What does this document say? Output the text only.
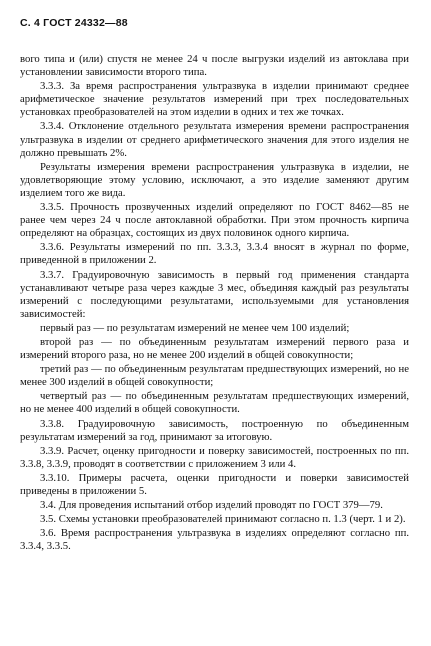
С. 4 ГОСТ 24332—88

вого типа и (или) спустя не менее 24 ч после выгрузки изделий из автоклава при установлении зависимости второго типа.

3.3.3. За время распространения ультразвука в изделии принимают среднее арифметическое значение результатов измерений при трех последовательных установках преобразователей на этом изделии в одних и тех же точках.

3.3.4. Отклонение отдельного результата измерения времени распространения ультразвука в изделии от среднего арифметического значения для этого изделия не должно превышать 2%.

Результаты измерения времени распространения ультразвука в изделии, не удовлетворяющие этому условию, исключают, а это изделие заменяют другим изделием того же вида.

3.3.5. Прочность прозвученных изделий определяют по ГОСТ 8462—85 не ранее чем через 24 ч после автоклавной обработки. При этом прочность кирпича определяют на образцах, состоящих из двух половинок одного кирпича.

3.3.6. Результаты измерений по пп. 3.3.3, 3.3.4 вносят в журнал по форме, приведенной в приложении 2.

3.3.7. Градуировочную зависимость в первый год применения стандарта устанавливают четыре раза через каждые 3 мес, объединяя каждый раз результаты измерений с последующими результатами, используемыми для установления зависимостей:

первый раз — по результатам измерений не менее чем 100 изделий;

второй раз — по объединенным результатам измерений первого раза и измерений второго раза, но не менее 200 изделий в общей совокупности;

третий раз — по объединенным результатам предшествующих измерений, но не менее 300 изделий в общей совокупности;

четвертый раз — по объединенным результатам предшествующих измерений, но не менее 400 изделий в общей совокупности.

3.3.8. Градуировочную зависимость, построенную по объединенным результатам измерений за год, принимают за итоговую.

3.3.9. Расчет, оценку пригодности и поверку зависимостей, построенных по пп. 3.3.8, 3.3.9, проводят в соответствии с приложением 3 или 4.

3.3.10. Примеры расчета, оценки пригодности и поверки зависимостей приведены в приложении 5.

3.4. Для проведения испытаний отбор изделий проводят по ГОСТ 379—79.

3.5. Схемы установки преобразователей принимают согласно п. 1.3 (черт. 1 и 2).

3.6. Время распространения ультразвука в изделиях определяют согласно пп. 3.3.4, 3.3.5.
